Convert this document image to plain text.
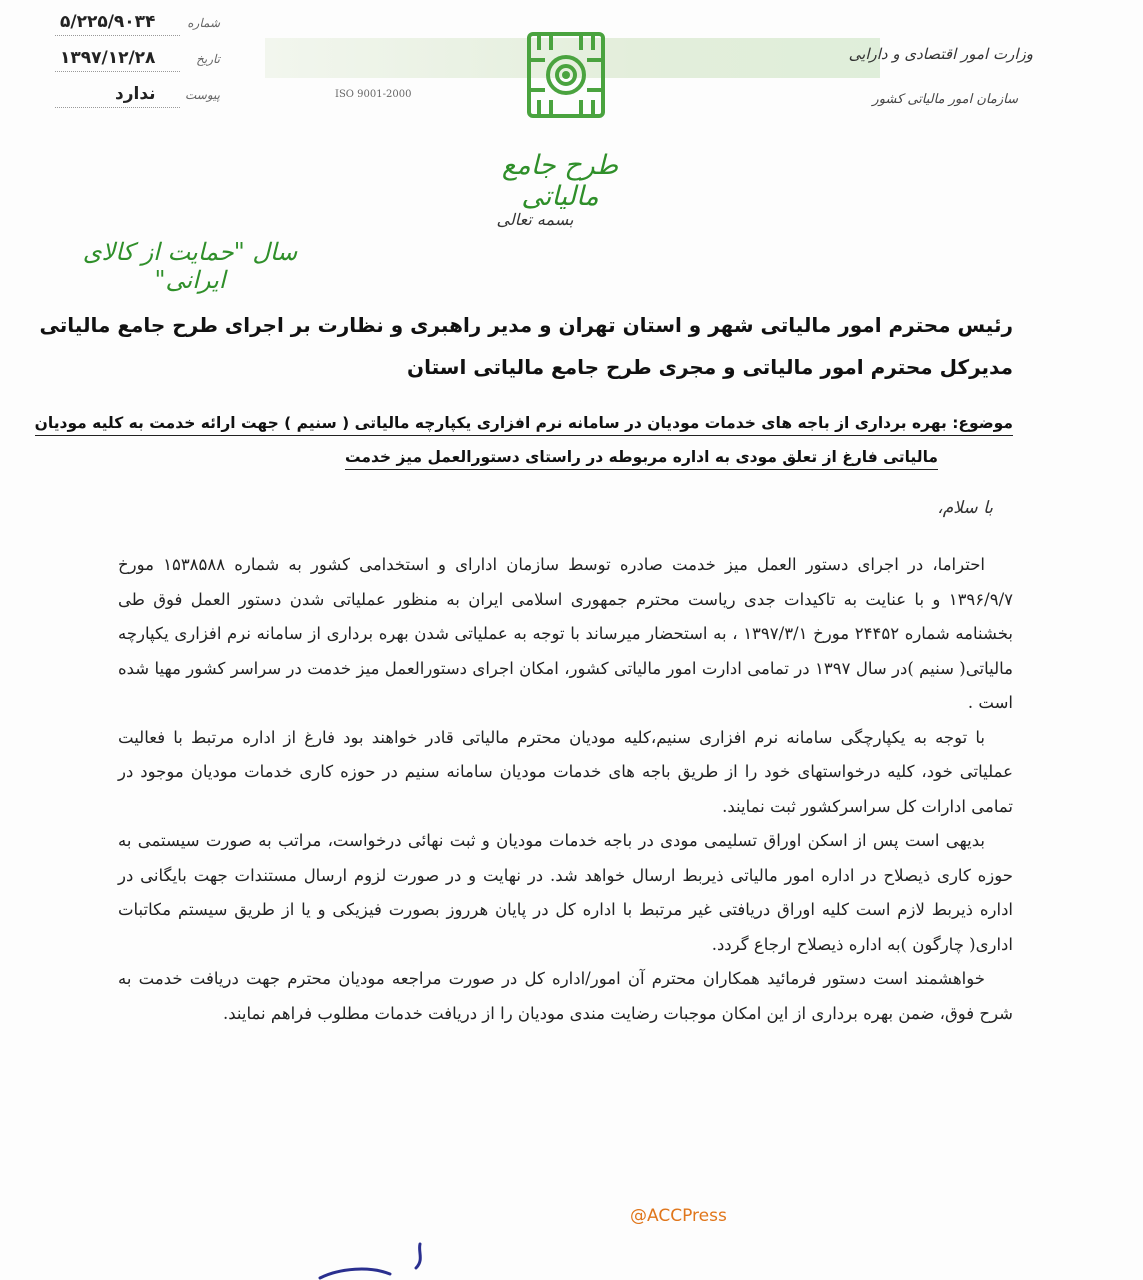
۵/۲۲۵/۹۰۳۴	شماره
۱۳۹۷/۱۲/۲۸	تاریخ
ندارد پیوست	ISO 9001-2000
وزارت امور اقتصادی و دارایی
سازمان امور مالیاتی کشور
طرح جامع مالیاتی
بسمه تعالی
سال "حمایت از کالای ایرانی"
رئیس محترم امور مالیاتی شهر و استان تهران و مدیر راهبری و نظارت بر اجرای طرح جامع مالیاتی
مدیرکل محترم امور مالیاتی و مجری طرح جامع مالیاتی استان
موضوع: بهره برداری از باجه های خدمات مودیان در سامانه نرم افزاری یکپارچه مالیاتی ( سنیم ) جهت ارائه خدمت به کلیه مودیان
مالیاتی فارغ از تعلق مودی به اداره مربوطه در راستای دستورالعمل میز خدمت
با سلام،

احتراما، در اجرای دستور العمل میز خدمت صادره توسط سازمان ادارای و استخدامی کشور به شماره ۱۵۳۸۵۸۸ مورخ ۱۳۹۶/۹/۷ و با عنایت به تاکیدات جدی ریاست محترم جمهوری اسلامی ایران به منظور عملیاتی شدن دستور العمل فوق طی بخشنامه شماره ۲۴۴۵۲ مورخ ۱۳۹۷/۳/۱ ، به استحضار میرساند با توجه به عملیاتی شدن بهره برداری از سامانه نرم افزاری یکپارچه مالیاتی( سنیم )در سال ۱۳۹۷ در تمامی ادارت امور مالیاتی کشور، امکان اجرای دستورالعمل میز خدمت در سراسر کشور مهیا شده است .

با توجه به یکپارچگی سامانه نرم افزاری سنیم،کلیه مودیان محترم مالیاتی قادر خواهند بود فارغ از اداره مرتبط با فعالیت عملیاتی خود، کلیه درخواستهای خود را از طریق باجه های خدمات مودیان سامانه سنیم در حوزه کاری خدمات مودیان موجود در تمامی ادارات کل سراسرکشور ثبت نمایند.

بدیهی است پس از اسکن اوراق تسلیمی مودی در باجه خدمات مودیان و ثبت نهائی درخواست، مراتب به صورت سیستمی به حوزه کاری ذیصلاح در اداره امور مالیاتی ذیربط ارسال خواهد شد. در نهایت و در صورت لزوم ارسال مستندات جهت بایگانی در اداره ذیربط لازم است کلیه اوراق دریافتی غیر مرتبط با اداره کل در پایان هرروز بصورت فیزیکی و یا از طریق سیستم مکاتبات اداری( چارگون )به اداره ذیصلاح ارجاع گردد.

خواهشمند است دستور فرمائید همکاران محترم آن امور/اداره کل در صورت مراجعه مودیان محترم جهت دریافت خدمت به شرح فوق، ضمن بهره برداری از این امکان موجبات رضایت مندی مودیان را از دریافت خدمات مطلوب فراهم نمایند.

@ACCPress
